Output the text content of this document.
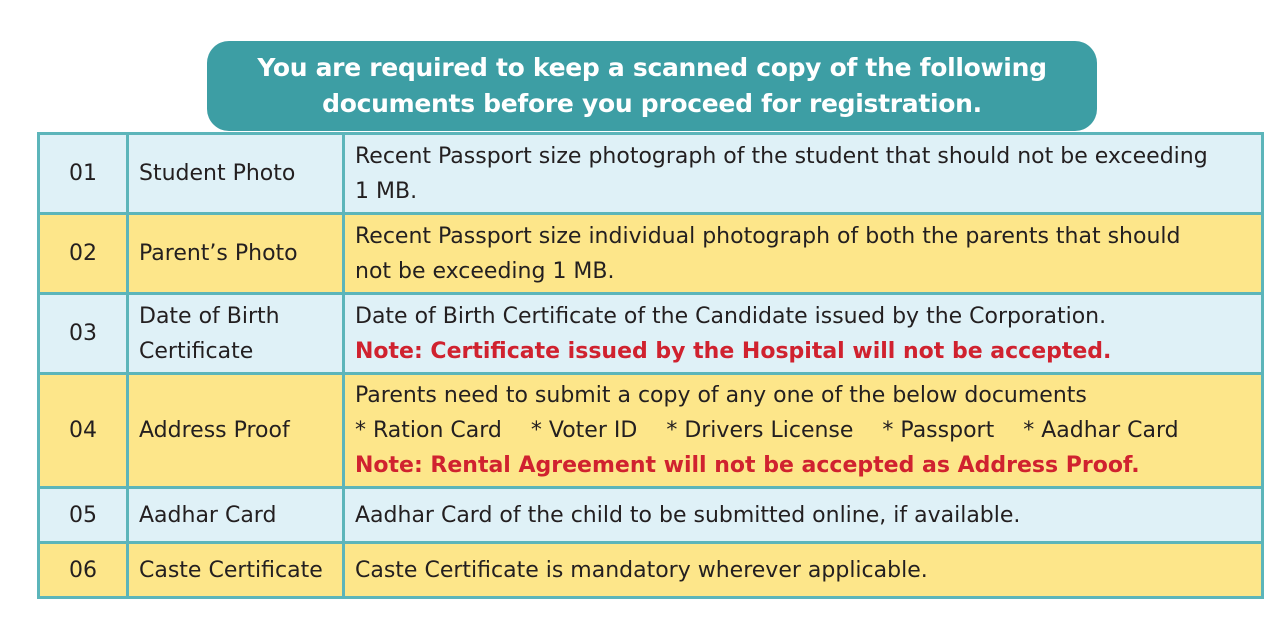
You are required to keep a scanned copy of the following
documents before you proceed for registration.
01	Student Photo	Recent Passport size photograph of the student that should not be exceeding
1 MB.

02	Parent’s Photo	Recent Passport size individual photograph of both the parents that should
not be exceeding 1 MB.

03	Date of Birth
Certificate	Date of Birth Certificate of the Candidate issued by the Corporation.
Note: Certificate issued by the Hospital will not be accepted.

04	Address Proof	Parents need to submit a copy of any one of the below documents
* Ration Card * Voter ID * Drivers License * Passport * Aadhar Card
Note: Rental Agreement will not be accepted as Address Proof.

05	Aadhar Card	Aadhar Card of the child to be submitted online, if available.

06	Caste Certificate	Caste Certificate is mandatory wherever applicable.
